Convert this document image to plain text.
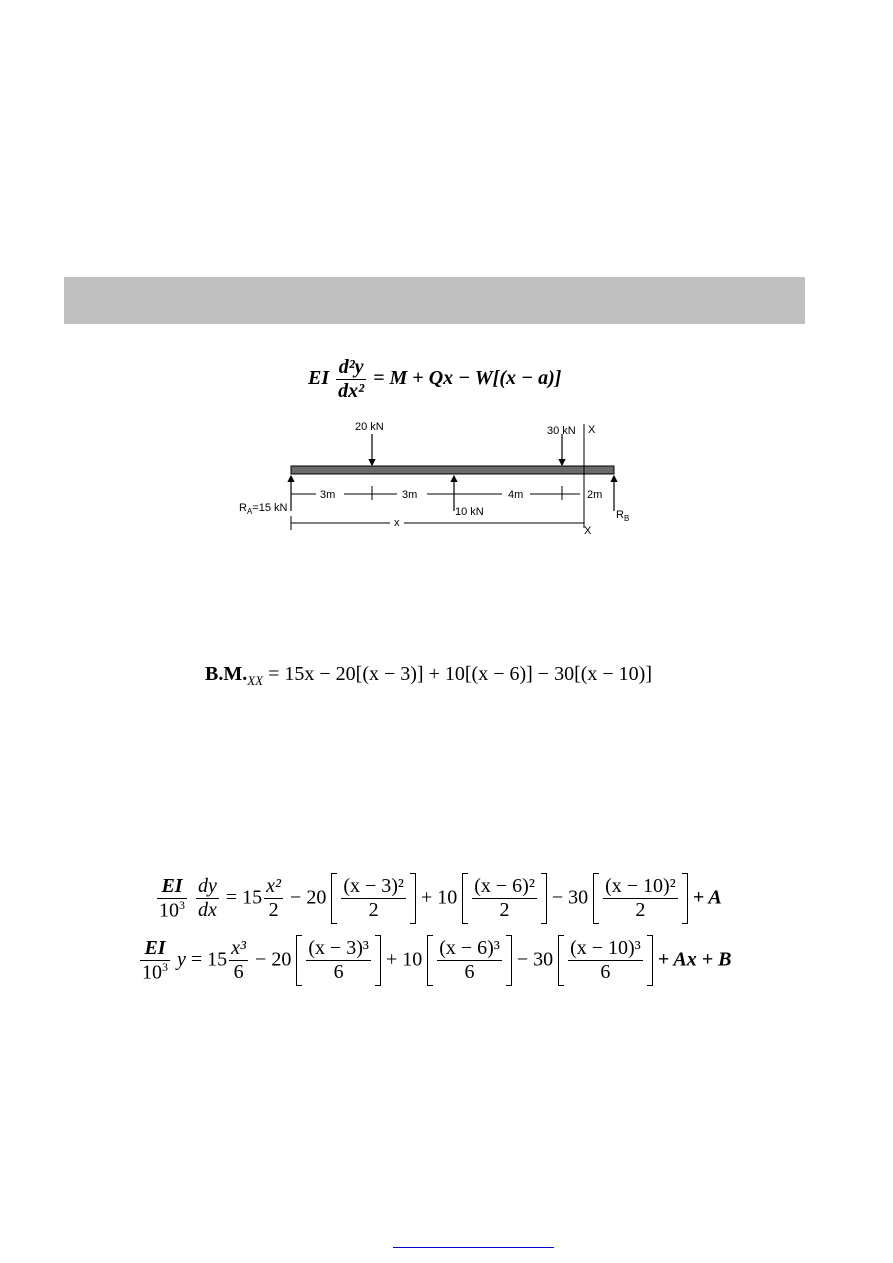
EI $\frac{\text{d²y}}{\text{dx²}} = M + Qx - W[(x - a)]$
20 kN	30 kN X
X
$R_A=15$ kN	10 kN	$R_B$
3m	3m	4m	2m
x
$B.M._{XX} = 15x - 20[(x - 3)] + 10[(x - 6)] - 30[(x - 10)]$
$\frac{EI}{10^3}$
$\frac{dy}{dx} = 15 \frac{\text{x²}}{2} - 20 \frac{\text{(x − 3)²}}{2} + 10 \frac{\text{(x − 6)²}}{2} - 30 \frac{\text{(x − 10)²}}{2} + A$
$\frac{EI}{10^3}$ $y = 15 \frac{\text{x³}}{6} - 20 \frac{\text{(x − 3)³}}{6} + 10 \frac{\text{(x − 6)³}}{6} - 30 \frac{\text{(x − 10)³}}{6} + Ax + B$
